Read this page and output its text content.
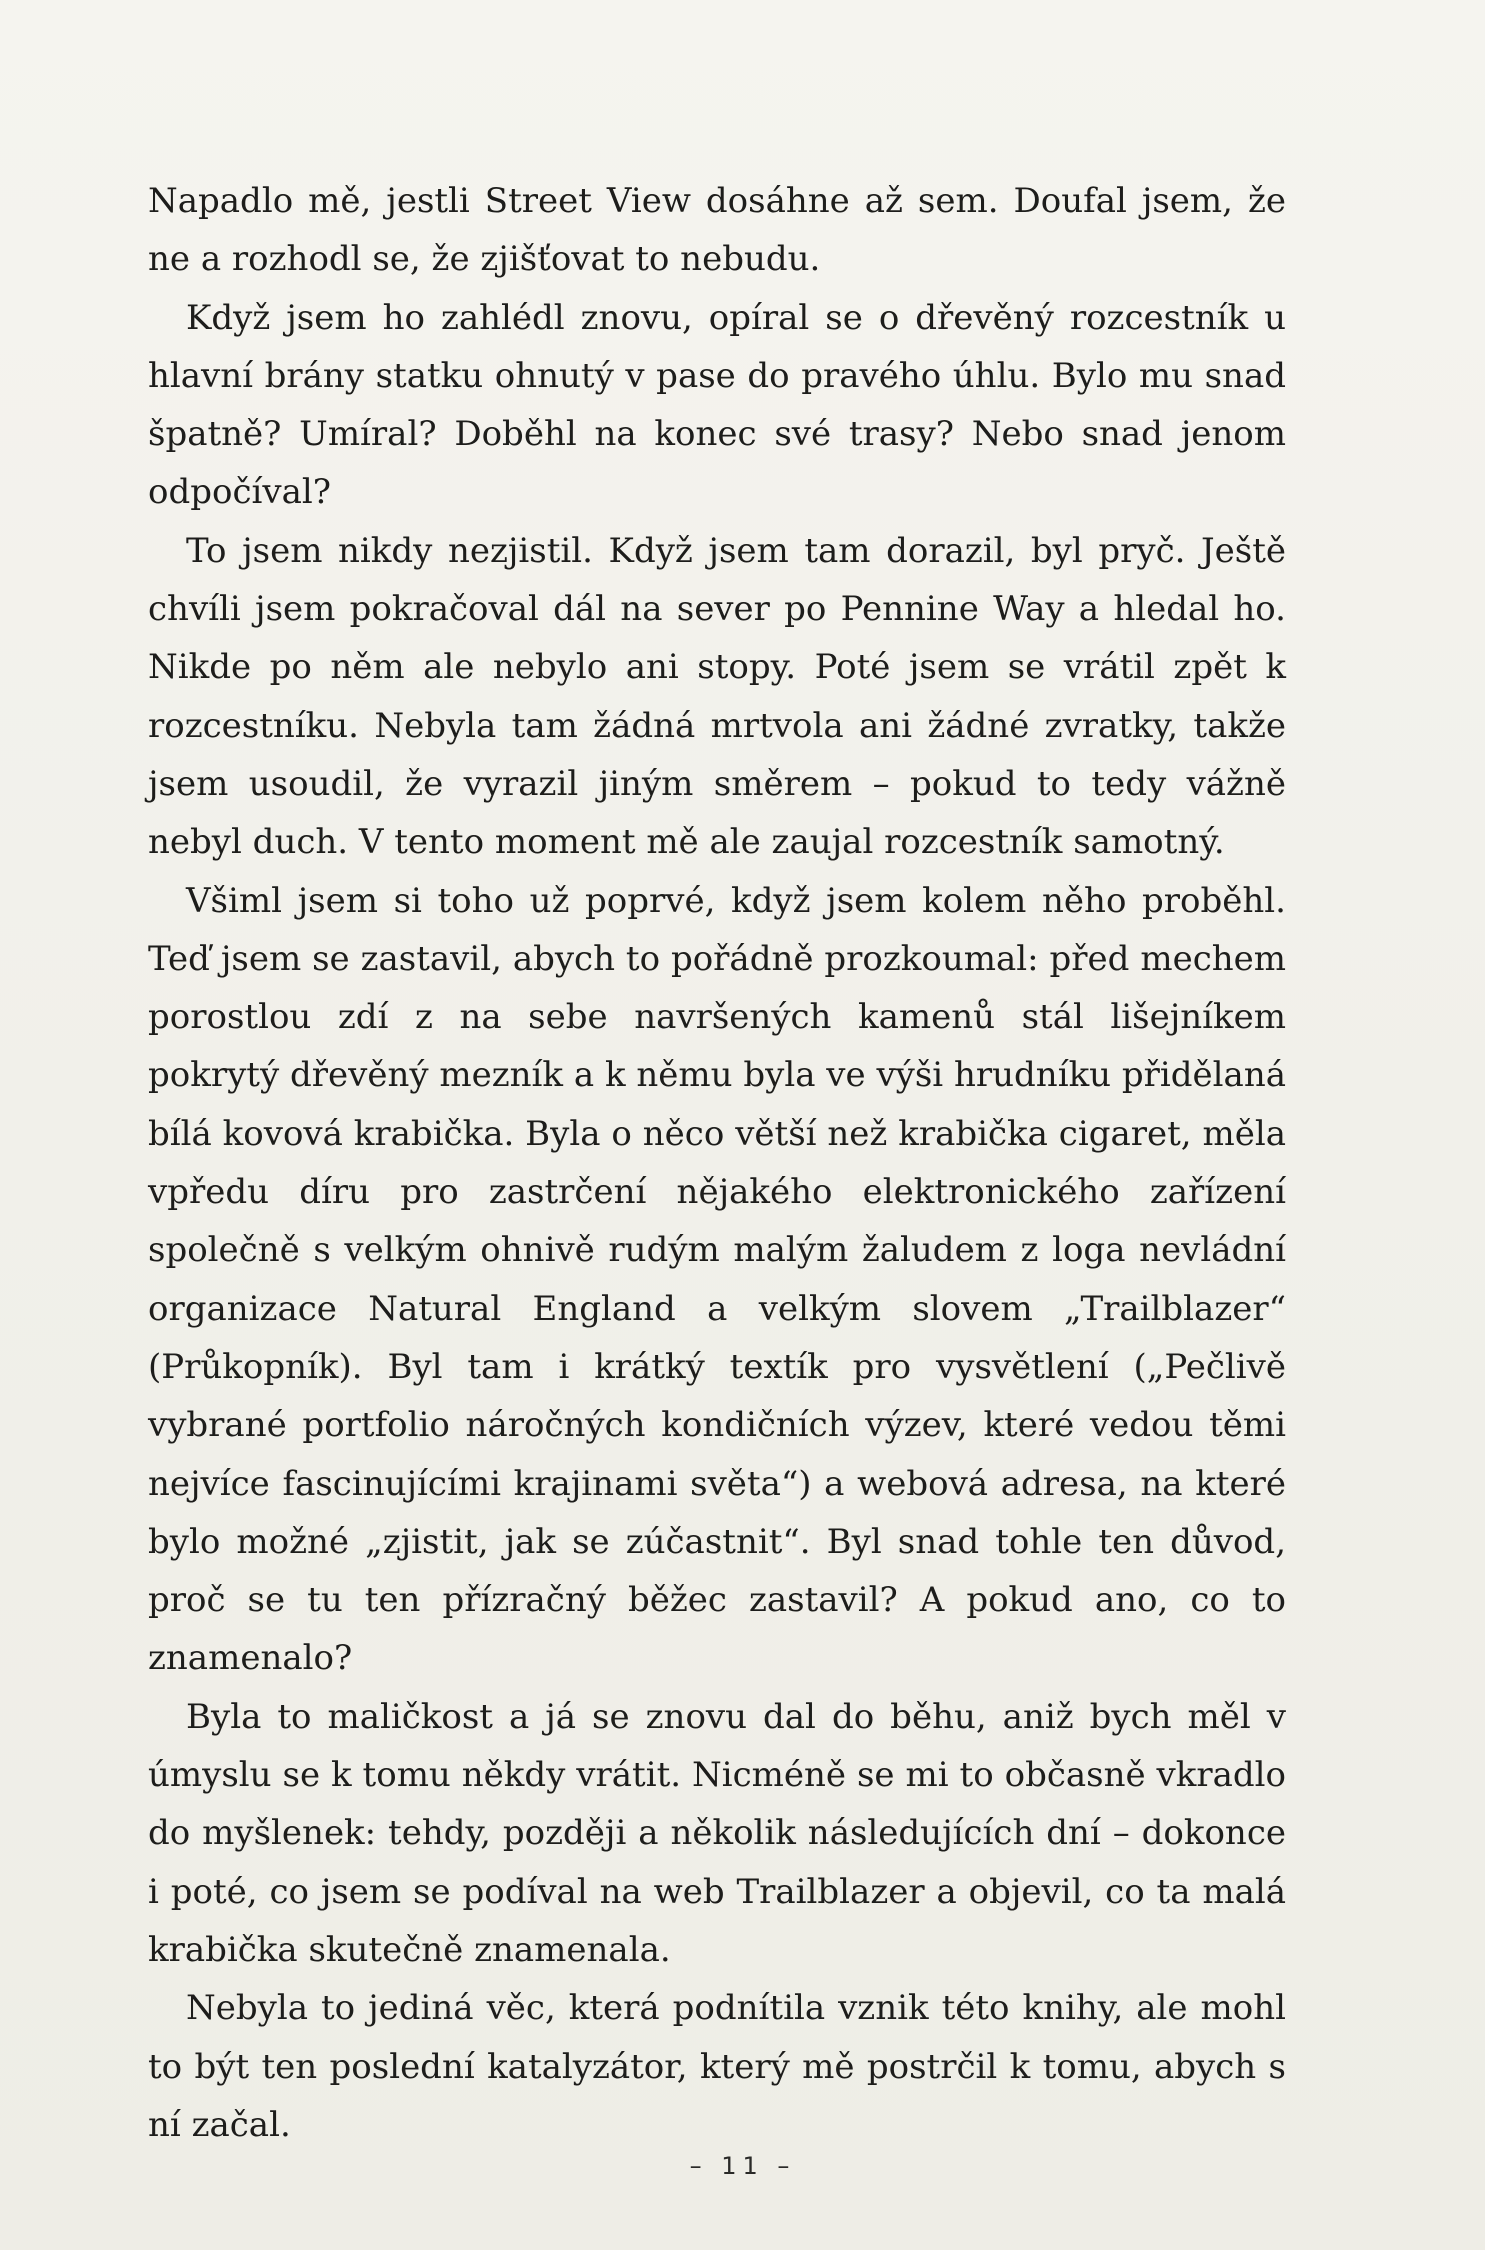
Napadlo mě, jestli Street View dosáhne až sem. Doufal jsem, že ne a rozhodl se, že zjišťovat to nebudu.

Když jsem ho zahlédl znovu, opíral se o dřevěný rozcestník u hlavní brány statku ohnutý v pase do pravého úhlu. Bylo mu snad špatně? Umíral? Doběhl na konec své trasy? Nebo snad jenom odpočíval?

To jsem nikdy nezjistil. Když jsem tam dorazil, byl pryč. Ještě chvíli jsem pokračoval dál na sever po Pennine Way a hledal ho. Nikde po něm ale nebylo ani stopy. Poté jsem se vrátil zpět k rozcestníku. Nebyla tam žádná mrtvola ani žádné zvratky, takže jsem usoudil, že vyrazil jiným směrem – pokud to tedy vážně nebyl duch. V tento moment mě ale zaujal rozcestník samotný.

Všiml jsem si toho už poprvé, když jsem kolem něho proběhl. Teď jsem se zastavil, abych to pořádně prozkoumal: před mechem porostlou zdí z na sebe navršených kamenů stál lišejníkem pokrytý dřevěný mezník a k němu byla ve výši hrudníku přidělaná bílá kovová krabička. Byla o něco větší než krabička cigaret, měla vpředu díru pro zastrčení nějakého elektronického zařízení společně s velkým ohnivě rudým malým žaludem z loga nevládní organizace Natural England a velkým slovem „Trailblazer“ (Průkopník). Byl tam i krátký textík pro vysvětlení („Pečlivě vybrané portfolio náročných kondičních výzev, které vedou těmi nejvíce fascinujícími krajinami světa“) a webová adresa, na které bylo možné „zjistit, jak se zúčastnit“. Byl snad tohle ten důvod, proč se tu ten přízračný běžec zastavil? A pokud ano, co to znamenalo?

Byla to maličkost a já se znovu dal do běhu, aniž bych měl v úmyslu se k tomu někdy vrátit. Nicméně se mi to občasně vkradlo do myšlenek: tehdy, později a několik následujících dní – dokonce i poté, co jsem se podíval na web Trailblazer a objevil, co ta malá krabička skutečně znamenala.

Nebyla to jediná věc, která podnítila vznik této knihy, ale mohl to být ten poslední katalyzátor, který mě postrčil k tomu, abych s ní začal.

– 11 –
